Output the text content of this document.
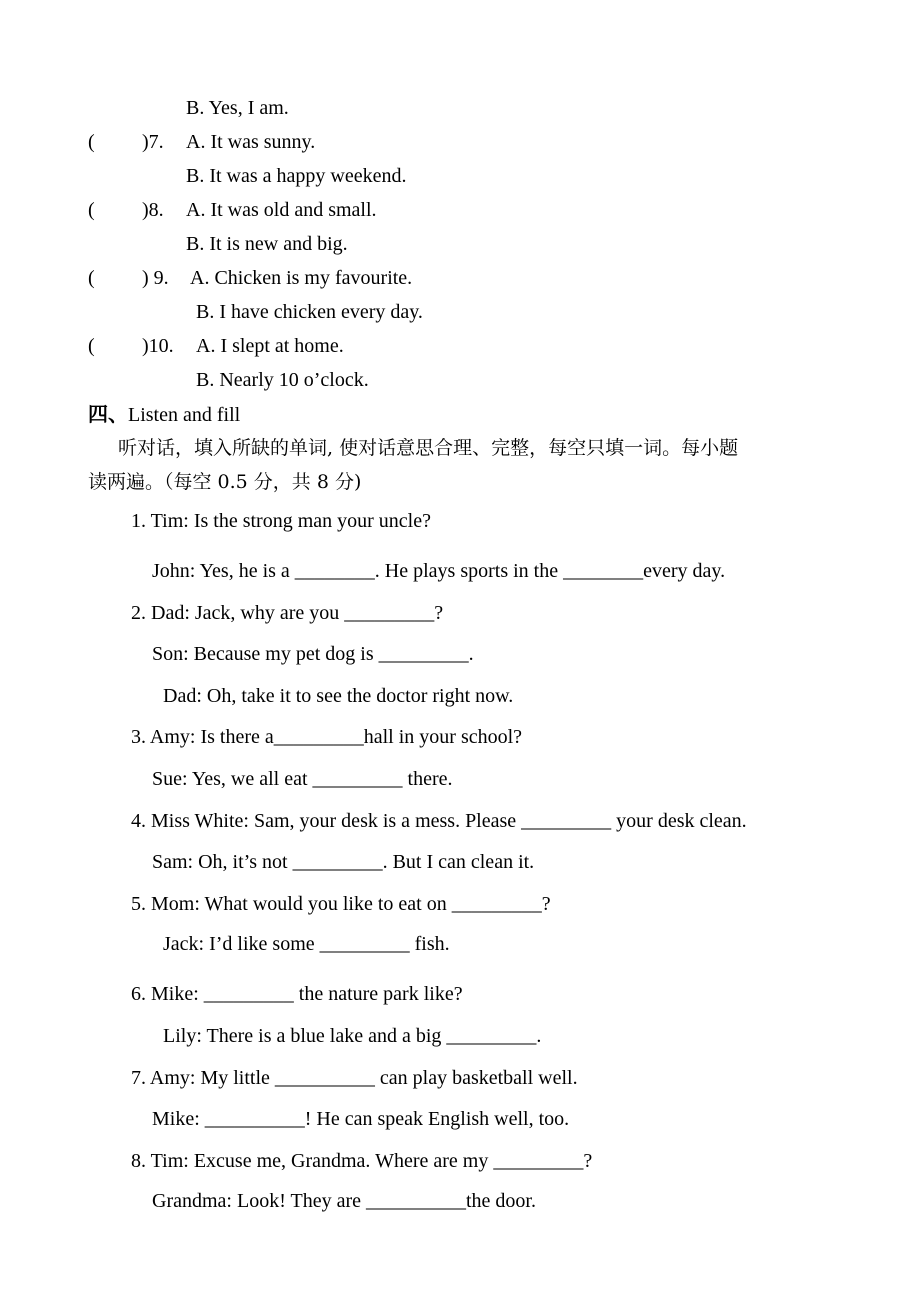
B. Yes, I am.
( )7. A. It was sunny.
B. It was a happy weekend.
( )8. A. It was old and small.
B. It is new and big.
( ) 9. A. Chicken is my favourite.
B. I have chicken every day.
( )10. A. I slept at home.
B. Nearly 10 o’clock.
四、Listen and fill
听对话，填入所缺的单词, 使对话意思合理、完整，每空只填一词。每小题
读两遍。（每空 0.5 分，共 8 分)
1. Tim: Is the strong man your uncle?
John: Yes, he is a ________. He plays sports in the ________every day.
2. Dad: Jack, why are you _________?
Son: Because my pet dog is _________.
Dad: Oh, take it to see the doctor right now.
3. Amy: Is there a_________hall in your school?
Sue: Yes, we all eat _________ there.
4. Miss White: Sam, your desk is a mess. Please _________ your desk clean.
Sam: Oh, it’s not _________. But I can clean it.
5. Mom: What would you like to eat on _________?
Jack: I’d like some _________ fish.
6. Mike: _________ the nature park like?
Lily: There is a blue lake and a big _________.
7. Amy: My little __________ can play basketball well.
Mike: __________! He can speak English well, too.
8. Tim: Excuse me, Grandma. Where are my _________?
Grandma: Look! They are __________the door.
